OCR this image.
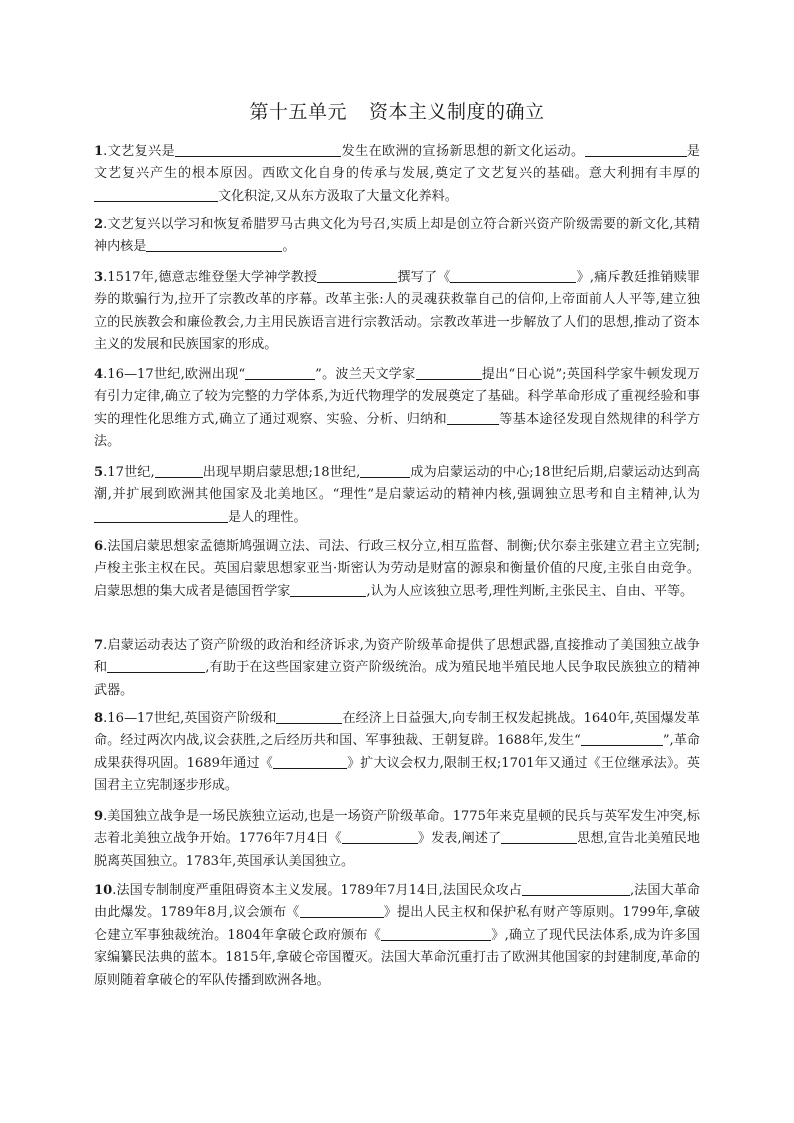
第十五单元 资本主义制度的确立

1.文艺复兴是	发生在欧洲的宣扬新思想的新文化运动。	是文艺复兴产生的根本原因。西欧文化自身的传承与发展,奠定了文艺复兴的基础。意大利拥有丰厚的文化积淀,又从东方汲取了大量文化养料。

2.文艺复兴以学习和恢复希腊罗马古典文化为号召,实质上却是创立符合新兴资产阶级需要的新文化,其精神内核是	。

3.1517年,德意志维登堡大学神学教授	撰写了《	》,痛斥教廷推销赎罪券的欺骗行为,拉开了宗教改革的序幕。改革主张:人的灵魂获救靠自己的信仰,上帝面前人人平等,建立独立的民族教会和廉俭教会,力主用民族语言进行宗教活动。宗教改革进一步解放了人们的思想,推动了资本主义的发展和民族国家的形成。

4.16—17世纪,欧洲出现“	”。波兰天文学家	提出“日心说”;英国科学家牛顿发现万有引力定律,确立了较为完整的力学体系,为近代物理学的发展奠定了基础。科学革命形成了重视经验和事实的理性化思维方式,确立了通过观察、实验、分析、归纳和	等基本途径发现自然规律的科学方法。

5.17世纪,	出现早期启蒙思想;18世纪,	成为启蒙运动的中心;18世纪后期,启蒙运动达到高潮,并扩展到欧洲其他国家及北美地区。“理性”是启蒙运动的精神内核,强调独立思考和自主精神,认为是人的理性。

6.法国启蒙思想家孟德斯鸠强调立法、司法、行政三权分立,相互监督、制衡;伏尔泰主张建立君主立宪制;卢梭主张主权在民。英国启蒙思想家亚当·斯密认为劳动是财富的源泉和衡量价值的尺度,主张自由竞争。启蒙思想的集大成者是德国哲学家	,认为人应该独立思考,理性判断,主张民主、自由、平等。

7.启蒙运动表达了资产阶级的政治和经济诉求,为资产阶级革命提供了思想武器,直接推动了美国独立战争和	,有助于在这些国家建立资产阶级统治。成为殖民地半殖民地人民争取民族独立的精神武器。

8.16—17世纪,英国资产阶级和	在经济上日益强大,向专制王权发起挑战。1640年,英国爆发革命。经过两次内战,议会获胜,之后经历共和国、军事独裁、王朝复辟。1688年,发生“	”,革命成果获得巩固。1689年通过《	》扩大议会权力,限制王权;1701年又通过《王位继承法》。英国君主立宪制逐步形成。

9.美国独立战争是一场民族独立运动,也是一场资产阶级革命。1775年来克星顿的民兵与英军发生冲突,标志着北美独立战争开始。1776年7月4日《	》发表,阐述了	思想,宣告北美殖民地脱离英国独立。1783年,英国承认美国独立。

10.法国专制制度严重阻碍资本主义发展。1789年7月14日,法国民众攻占	,法国大革命由此爆发。1789年8月,议会颁布《	》提出人民主权和保护私有财产等原则。1799年,拿破仑建立军事独裁统治。1804年拿破仑政府颁布《	》,确立了现代民法体系,成为许多国家编纂民法典的蓝本。1815年,拿破仑帝国覆灭。法国大革命沉重打击了欧洲其他国家的封建制度,革命的原则随着拿破仑的军队传播到欧洲各地。
